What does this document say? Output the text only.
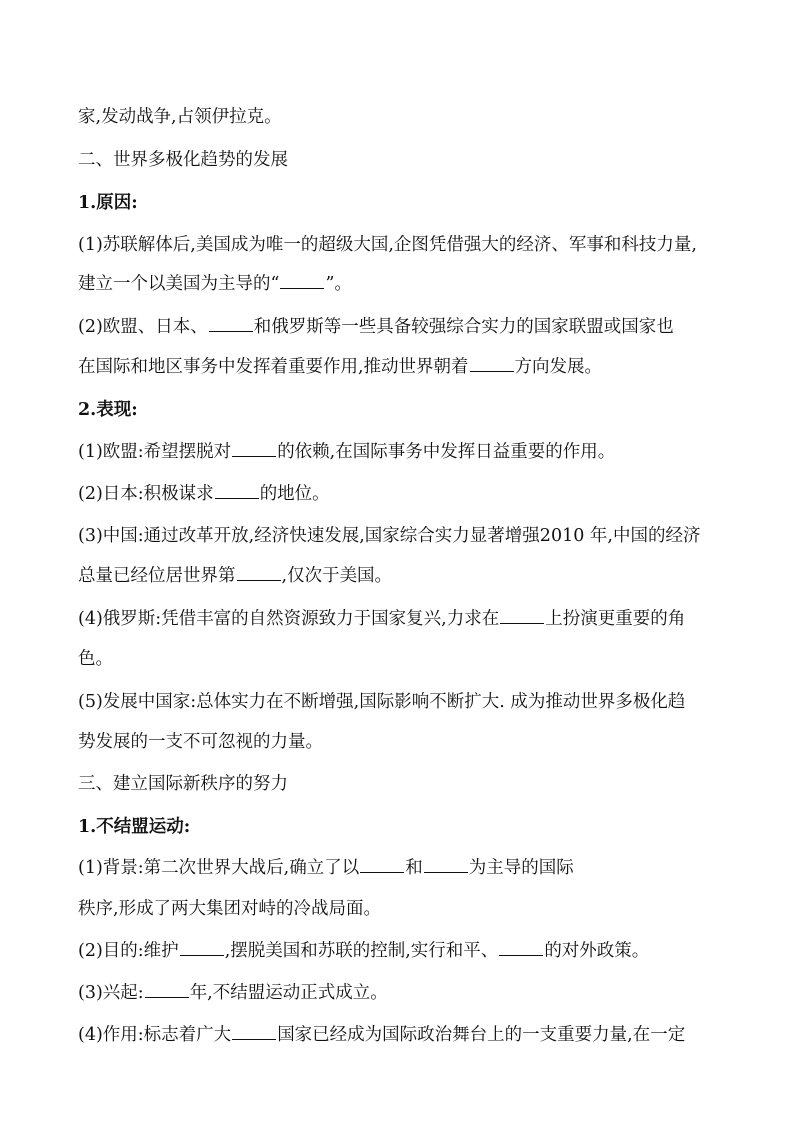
家,发动战争,占领伊拉克。
二、世界多极化趋势的发展
1.原因:
(1)苏联解体后,美国成为唯一的超级大国,企图凭借强大的经济、军事和科技力量,
建立一个以美国为主导的“	”。
(2)欧盟、日本、	和俄罗斯等一些具备较强综合实力的国家联盟或国家也
在国际和地区事务中发挥着重要作用,推动世界朝着	方向发展。
2.表现:
(1)欧盟:希望摆脱对	的依赖,在国际事务中发挥日益重要的作用。
(2)日本:积极谋求	的地位。
(3)中国:通过改革开放,经济快速发展,国家综合实力显著增强2010 年,中国的经济
总量已经位居世界第	,仅次于美国。
(4)俄罗斯:凭借丰富的自然资源致力于国家复兴,力求在	上扮演更重要的角
色。
(5)发展中国家:总体实力在不断增强,国际影响不断扩大. 成为推动世界多极化趋
势发展的一支不可忽视的力量。
三、建立国际新秩序的努力
1.不结盟运动:
(1)背景:第二次世界大战后,确立了以	和	为主导的国际
秩序,形成了两大集团对峙的冷战局面。
(2)目的:维护	,摆脱美国和苏联的控制,实行和平、	的对外政策。
(3)兴起:	年,不结盟运动正式成立。
(4)作用:标志着广大	国家已经成为国际政治舞台上的一支重要力量,在一定
